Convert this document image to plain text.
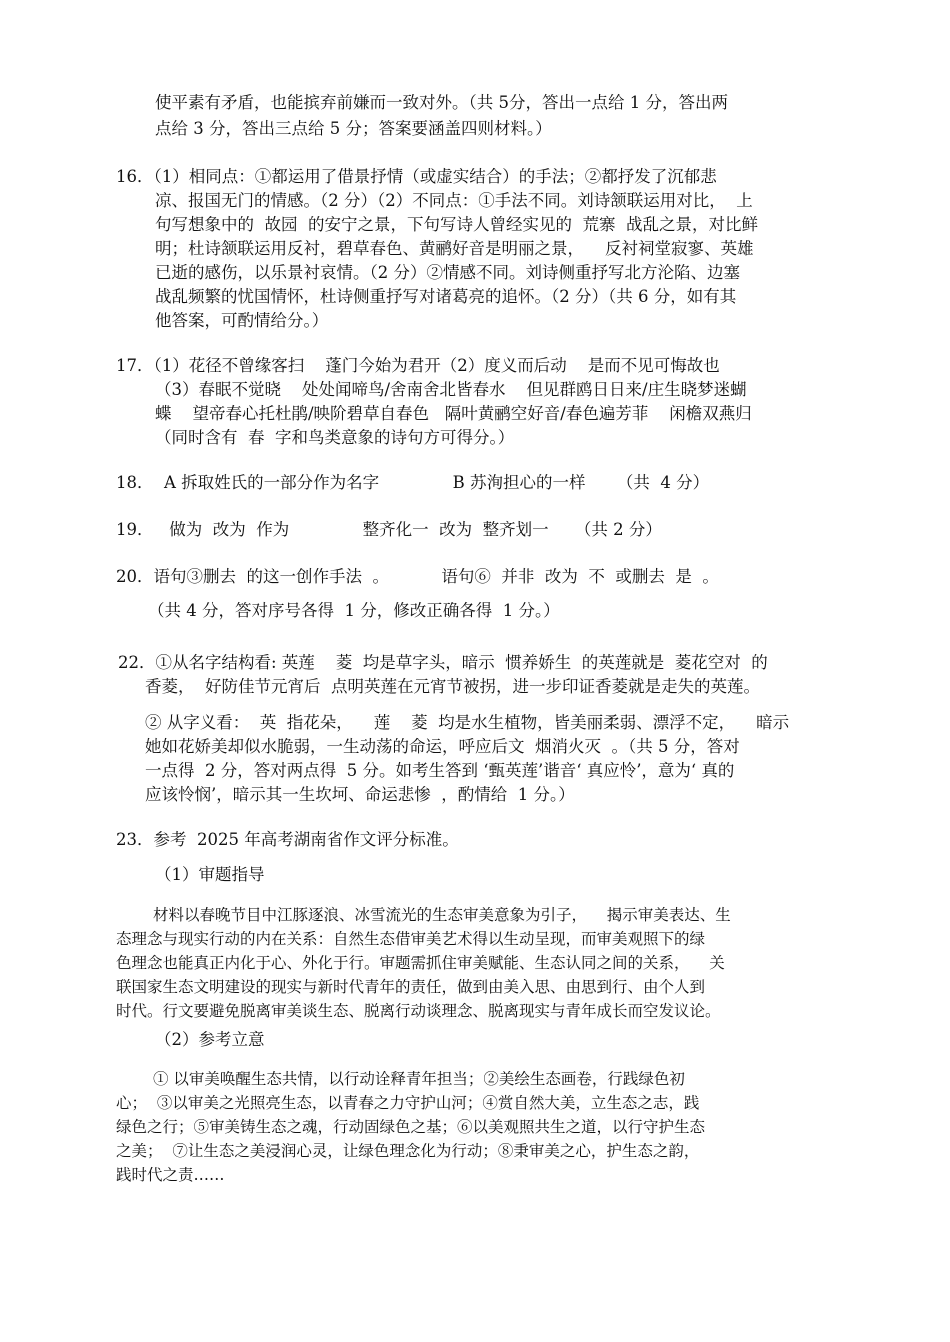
使平素有矛盾，也能摈弃前嫌而一致对外。（共 5分，答出一点给 1 分，答出两
点给 3 分，答出三点给 5 分；答案要涵盖四则材料。）
16．（1）相同点：①都运用了借景抒情（或虚实结合）的手法；②都抒发了沉郁悲
凉、报国无门的情感。（2 分）（2）不同点：①手法不同。刘诗颔联运用对比，  上
句写想象中的  故园  的安宁之景，下句写诗人曾经实见的  荒寨  战乱之景，对比鲜
明；杜诗颔联运用反衬，碧草春色、黄鹂好音是明丽之景，    反衬祠堂寂寥、英雄
已逝的感伤，以乐景衬哀情。（2 分）②情感不同。刘诗侧重抒写北方沦陷、边塞
战乱频繁的忧国情怀，杜诗侧重抒写对诸葛亮的追怀。（2 分）（共 6 分，如有其
他答案，可酌情给分。）
17．（1）花径不曾缘客扫    蓬门今始为君开（2）度义而后动    是而不见可悔故也
（3）春眠不觉晓    处处闻啼鸟/舍南舍北皆春水    但见群鸥日日来/庄生晓梦迷蝴
蝶    望帝春心托杜鹃/映阶碧草自春色   隔叶黄鹂空好音/春色遍芳菲    闲檐双燕归
（同时含有  春  字和鸟类意象的诗句方可得分。）
18．  A 拆取姓氏的一部分作为名字              B 苏洵担心的一样      （共  4 分）
19．   做为  改为  作为              整齐化一  改为  整齐划一     （共 2 分）
20．语句③删去  的这一创作手法  。          语句⑥  并非  改为  不  或删去  是  。
（共 4 分，答对序号各得  1 分，修改正确各得  1 分。）
22．①从名字结构看: 英莲    菱  均是草字头，暗示  惯养娇生  的英莲就是  菱花空对  的
香菱，  好防佳节元宵后  点明英莲在元宵节被拐，进一步印证香菱就是走失的英莲。
② 从字义看：  英  指花朵，    莲    菱  均是水生植物，皆美丽柔弱、漂浮不定，    暗示
她如花娇美却似水脆弱，一生动荡的命运，呼应后文  烟消火灭  。（共 5 分，答对
一点得  2 分，答对两点得  5 分。如考生答到 ‘甄英莲’谐音‘ 真应怜’，意为‘ 真的
应该怜悯’，暗示其一生坎坷、命运悲惨  ，酌情给  1 分。）
23．参考  2025 年高考湖南省作文评分标准。
（1）审题指导
材料以春晚节目中江豚逐浪、冰雪流光的生态审美意象为引子，    揭示审美表达、生
态理念与现实行动的内在关系：自然生态借审美艺术得以生动呈现，而审美观照下的绿
色理念也能真正内化于心、外化于行。审题需抓住审美赋能、生态认同之间的关系，    关
联国家生态文明建设的现实与新时代青年的责任，做到由美入思、由思到行、由个人到
时代。行文要避免脱离审美谈生态、脱离行动谈理念、脱离现实与青年成长而空发议论。
（2）参考立意
① 以审美唤醒生态共情，以行动诠释青年担当；②美绘生态画卷，行践绿色初
心；  ③以审美之光照亮生态，以青春之力守护山河；④赏自然大美，立生态之志，践
绿色之行；⑤审美铸生态之魂，行动固绿色之基；⑥以美观照共生之道，以行守护生态
之美；  ⑦让生态之美浸润心灵，让绿色理念化为行动；⑧秉审美之心，护生态之韵，
践时代之责……
